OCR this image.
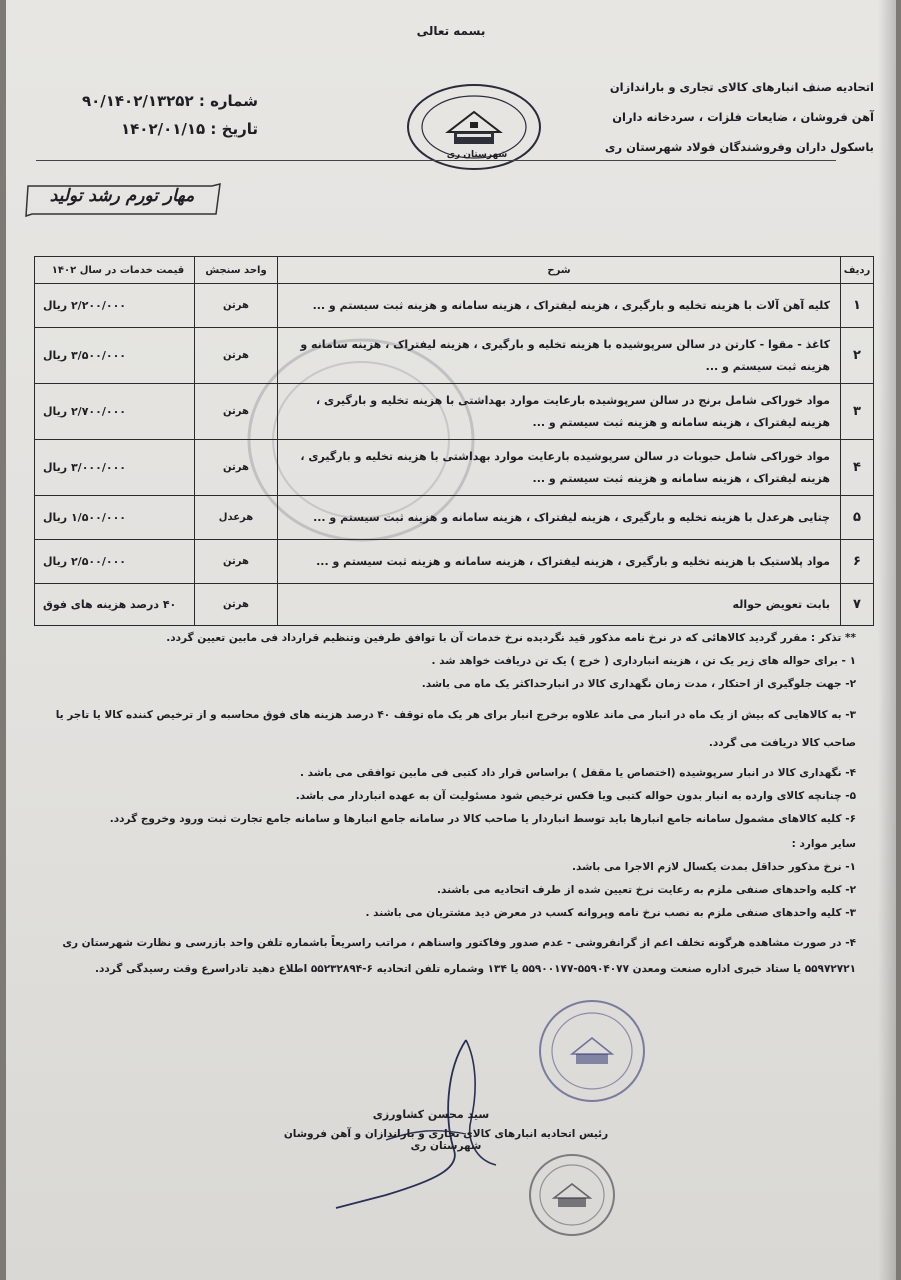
بسمه تعالی
اتحادیه صنف انبارهای کالای تجاری و باراندازان
آهن فروشان ، ضایعات فلزات ، سردخانه داران
باسکول داران وفروشندگان فولاد شهرستان ری
شماره : ۹۰/۱۴۰۲/۱۳۲۵۲
تاریخ : ۱۴۰۲/۰۱/۱۵
شهرستان ری
مهار تورم رشد تولید
ردیف	شرح	واحد سنجش	قیمت خدمات در سال ۱۴۰۲
۱	کلیه آهن آلات با هزینه تخلیه و بارگیری ، هزینه لیفتراک ، هزینه سامانه و هزینه ثبت سیستم و ...	هرتن	۲/۲۰۰/۰۰۰ ریال
۲	کاغذ - مقوا - کارتن در سالن سرپوشیده با هزینه تخلیه و بارگیری ، هزینه لیفتراک ، هزینه سامانه و هزینه ثبت سیستم و ...	هرتن	۳/۵۰۰/۰۰۰ ریال
۳	مواد خوراکی شامل برنج در سالن سرپوشیده بارعایت موارد بهداشتی با هزینه تخلیه و بارگیری ، هزینه لیفتراک ، هزینه سامانه و هزینه ثبت سیستم و ...	هرتن	۲/۷۰۰/۰۰۰ ریال
۴	مواد خوراکی شامل حبوبات در سالن سرپوشیده بارعایت موارد بهداشتی با هزینه تخلیه و بارگیری ، هزینه لیفتراک ، هزینه سامانه و هزینه ثبت سیستم و ...	هرتن	۳/۰۰۰/۰۰۰ ریال
۵	چتایی هرعدل با هزینه تخلیه و بارگیری ، هزینه لیفتراک ، هزینه سامانه و هزینه ثبت سیستم و ...	هرعدل	۱/۵۰۰/۰۰۰ ریال
۶	مواد پلاستیک با هزینه تخلیه و بارگیری ، هزینه لیفتراک ، هزینه سامانه و هزینه ثبت سیستم و ...	هرتن	۲/۵۰۰/۰۰۰ ریال
۷	بابت تعویض حواله	هرتن	۴۰ درصد هزینه های فوق

** تذکر : مقرر گردید کالاهائی که در نرخ نامه مذکور قید نگردیده نرخ خدمات آن با توافق طرفین وتنظیم قرارداد فی مابین تعیین گردد.

۱ - برای حواله های زیر یک تن ، هزینه انبارداری ( خرج ) یک تن دریافت خواهد شد .

۲- جهت جلوگیری از احتکار ، مدت زمان نگهداری کالا در انبارحداکثر یک ماه می باشد.

۳- به کالاهایی که بیش از یک ماه در انبار می ماند علاوه برخرج انبار برای هر یک ماه توقف ۴۰ درصد هزینه های فوق محاسبه و از ترخیص کننده کالا یا تاجر یا صاحب کالا دریافت می گردد.

۴- نگهداری کالا در انبار سرپوشیده (اختصاص یا مقفل ) براساس قرار داد کتبی فی مابین توافقی می باشد .

۵- چنانچه کالای وارده به انبار بدون حواله کتبی ویا فکس ترخیص شود مسئولیت آن به عهده انباردار می باشد.

۶- کلیه کالاهای مشمول سامانه جامع انبارها باید توسط انباردار یا صاحب کالا در سامانه جامع انبارها و سامانه جامع تجارت ثبت ورود وخروج گردد.

سایر موارد :

۱- نرخ مذکور حداقل بمدت یکسال لازم الاجرا می باشد.

۲- کلیه واحدهای صنفی ملزم به رعایت نرخ تعیین شده از طرف اتحادیه می باشند.

۳- کلیه واحدهای صنفی ملزم به نصب نرخ نامه وپروانه کسب در معرض دید مشتریان می باشند .

۴- در صورت مشاهده هرگونه تخلف اعم از گرانفروشی - عدم صدور وفاکتور واسناهم ، مراتب راسریعاً باشماره تلفن واحد بازرسی و نظارت شهرستان ری ۵۵۹۷۲۷۲۱ یا ستاد خبری اداره صنعت ومعدن ۵۵۹۰۴۰۷۷-۵۵۹۰۰۱۷۷ یا ۱۳۴ وشماره تلفن اتحادیه ۶-۵۵۲۳۲۸۹۴ اطلاع دهید تادراسرع وقت رسیدگی گردد.

سید محسن کشاورزی
رئیس اتحادیه انبارهای کالای تجاری و باراندازان و آهن فروشان شهرستان ری
